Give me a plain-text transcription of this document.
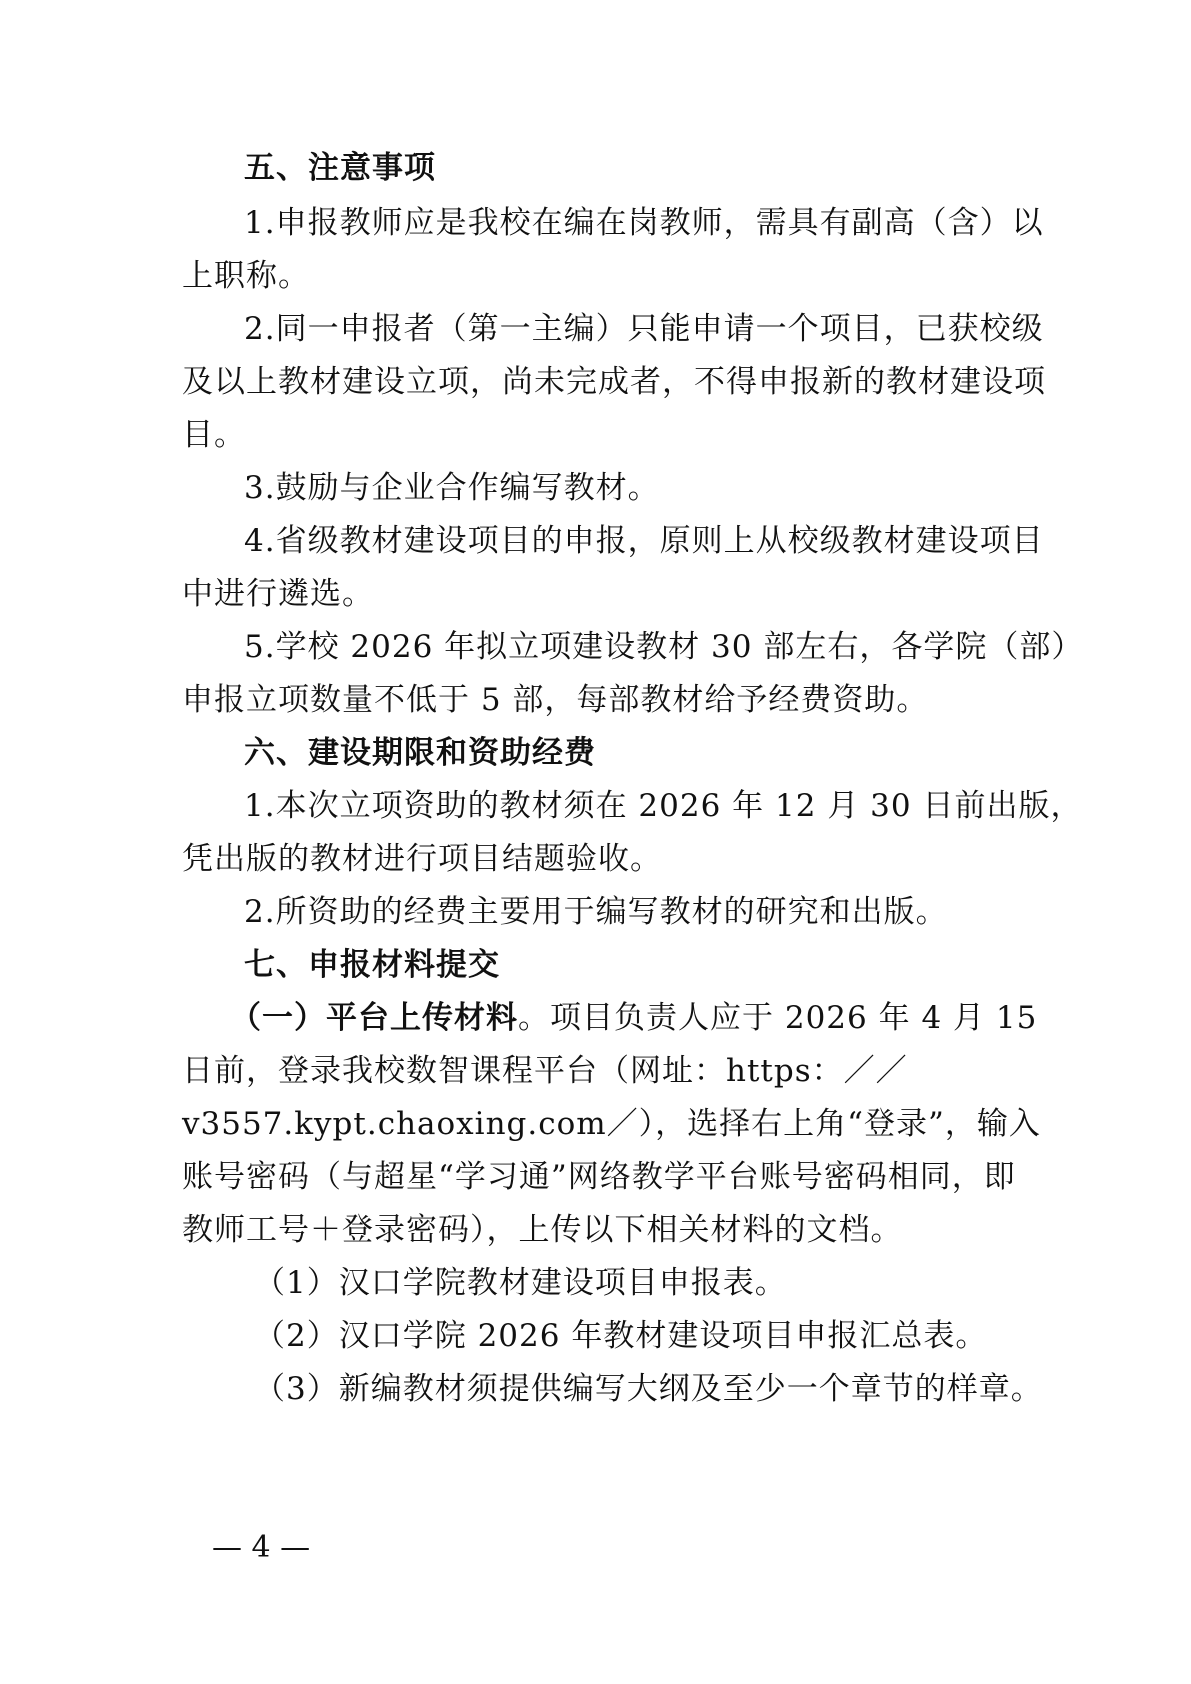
五、注意事项
1.申报教师应是我校在编在岗教师，需具有副高（含）以
上职称。
2.同一申报者（第一主编）只能申请一个项目，已获校级
及以上教材建设立项，尚未完成者，不得申报新的教材建设项
目。
3.鼓励与企业合作编写教材。
4.省级教材建设项目的申报，原则上从校级教材建设项目
中进行遴选。
5.学校 2026 年拟立项建设教材 30 部左右，各学院（部）
申报立项数量不低于 5 部，每部教材给予经费资助。
六、建设期限和资助经费
1.本次立项资助的教材须在 2026 年 12 月 30 日前出版，
凭出版的教材进行项目结题验收。
2.所资助的经费主要用于编写教材的研究和出版。
七、申报材料提交
（一）平台上传材料。项目负责人应于 2026 年 4 月 15
日前，登录我校数智课程平台（网址：https：／／
v3557.kypt.chaoxing.com／），选择右上角“登录”，输入
账号密码（与超星“学习通”网络教学平台账号密码相同，即
教师工号＋登录密码），上传以下相关材料的文档。
（1）汉口学院教材建设项目申报表。
（2）汉口学院 2026 年教材建设项目申报汇总表。
（3）新编教材须提供编写大纲及至少一个章节的样章。
— 4 —
